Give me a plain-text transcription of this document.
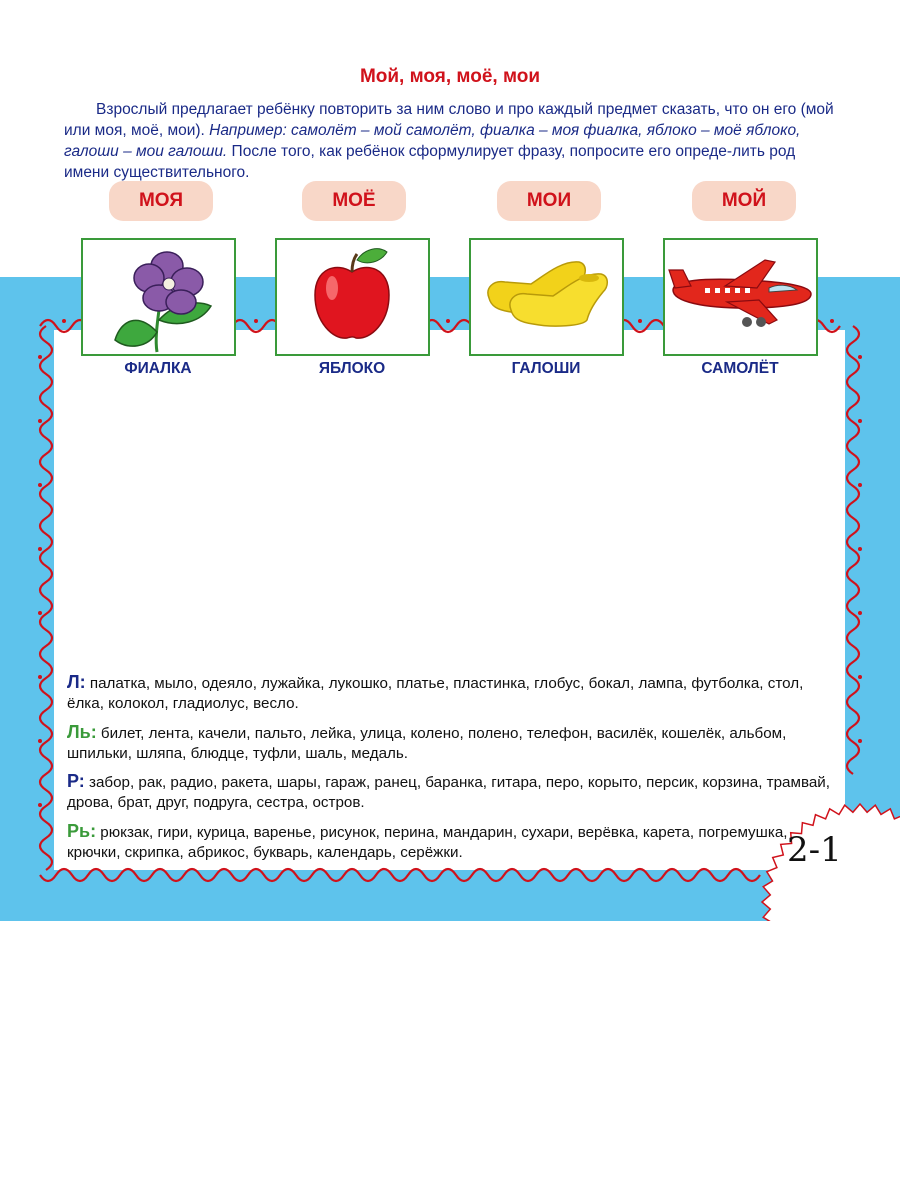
2-1
Мой, моя, моё, мои

Взрослый предлагает ребёнку повторить за ним слово и про каждый предмет сказать, что он его (мой или моя, моё, мои). Например: самолёт – мой самолёт, фиалка – моя фиалка, яблоко – моё яблоко, галоши – мои галоши. После того, как ребёнок сформулирует фразу, попросите его опреде-лить род имени существительного.

МОЯ	МОЁ	МОИ	МОЙ
ФИАЛКА	ЯБЛОКО	ГАЛОШИ	САМОЛЁТ

Л: палатка, мыло, одеяло, лужайка, лукошко, платье, пластинка, глобус, бокал, лампа, футболка, стол, ёлка, колокол, гладиолус, весло.

Ль: билет, лента, качели, пальто, лейка, улица, колено, полено, телефон, василёк, кошелёк, альбом, шпильки, шляпа, блюдце, туфли, шаль, медаль.

Р: забор, рак, радио, ракета, шары, гараж, ранец, баранка, гитара, перо, корыто, персик, корзина, трамвай, дрова, брат, друг, подруга, сестра, остров.

Рь: рюкзак, гири, курица, варенье, рисунок, перина, мандарин, сухари, верёвка, карета, погремушка, крючки, скрипка, абрикос, букварь, календарь, серёжки.
